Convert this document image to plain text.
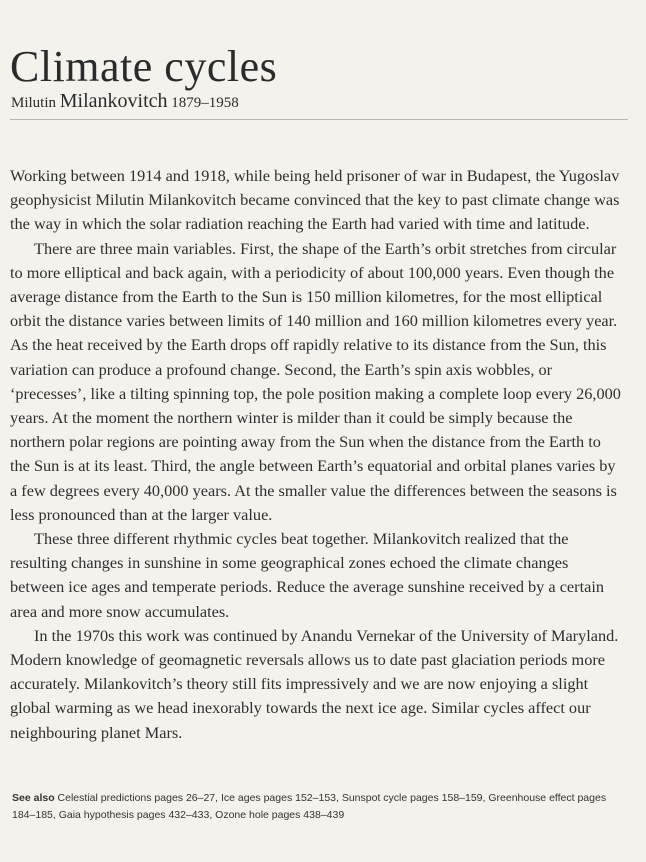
Climate cycles
Milutin Milankovitch 1879–1958

Working between 1914 and 1918, while being held prisoner of war in Budapest, the Yugoslav geophysicist Milutin Milankovitch became convinced that the key to past climate change was the way in which the solar radiation reaching the Earth had varied with time and latitude.

There are three main variables. First, the shape of the Earth’s orbit stretches from circular to more elliptical and back again, with a periodicity of about 100,000 years. Even though the average distance from the Earth to the Sun is 150 million kilometres, for the most elliptical orbit the distance varies between limits of 140 million and 160 million kilometres every year. As the heat received by the Earth drops off rapidly relative to its distance from the Sun, this variation can produce a profound change. Second, the Earth’s spin axis wobbles, or ‘precesses’, like a tilting spinning top, the pole position making a complete loop every 26,000 years. At the moment the northern winter is milder than it could be simply because the northern polar regions are pointing away from the Sun when the distance from the Earth to the Sun is at its least. Third, the angle between Earth’s equatorial and orbital planes varies by a few degrees every 40,000 years. At the smaller value the differences between the seasons is less pronounced than at the larger value.

These three different rhythmic cycles beat together. Milankovitch realized that the resulting changes in sunshine in some geographical zones echoed the climate changes between ice ages and temperate periods. Reduce the average sunshine received by a certain area and more snow accumulates.

In the 1970s this work was continued by Anandu Vernekar of the University of Maryland. Modern knowledge of geomagnetic reversals allows us to date past glaciation periods more accurately. Milankovitch’s theory still fits impressively and we are now enjoying a slight global warming as we head inexorably towards the next ice age. Similar cycles affect our neighbouring planet Mars.

See also Celestial predictions pages 26–27, Ice ages pages 152–153, Sunspot cycle pages 158–159, Greenhouse effect pages 184–185, Gaia hypothesis pages 432–433, Ozone hole pages 438–439
